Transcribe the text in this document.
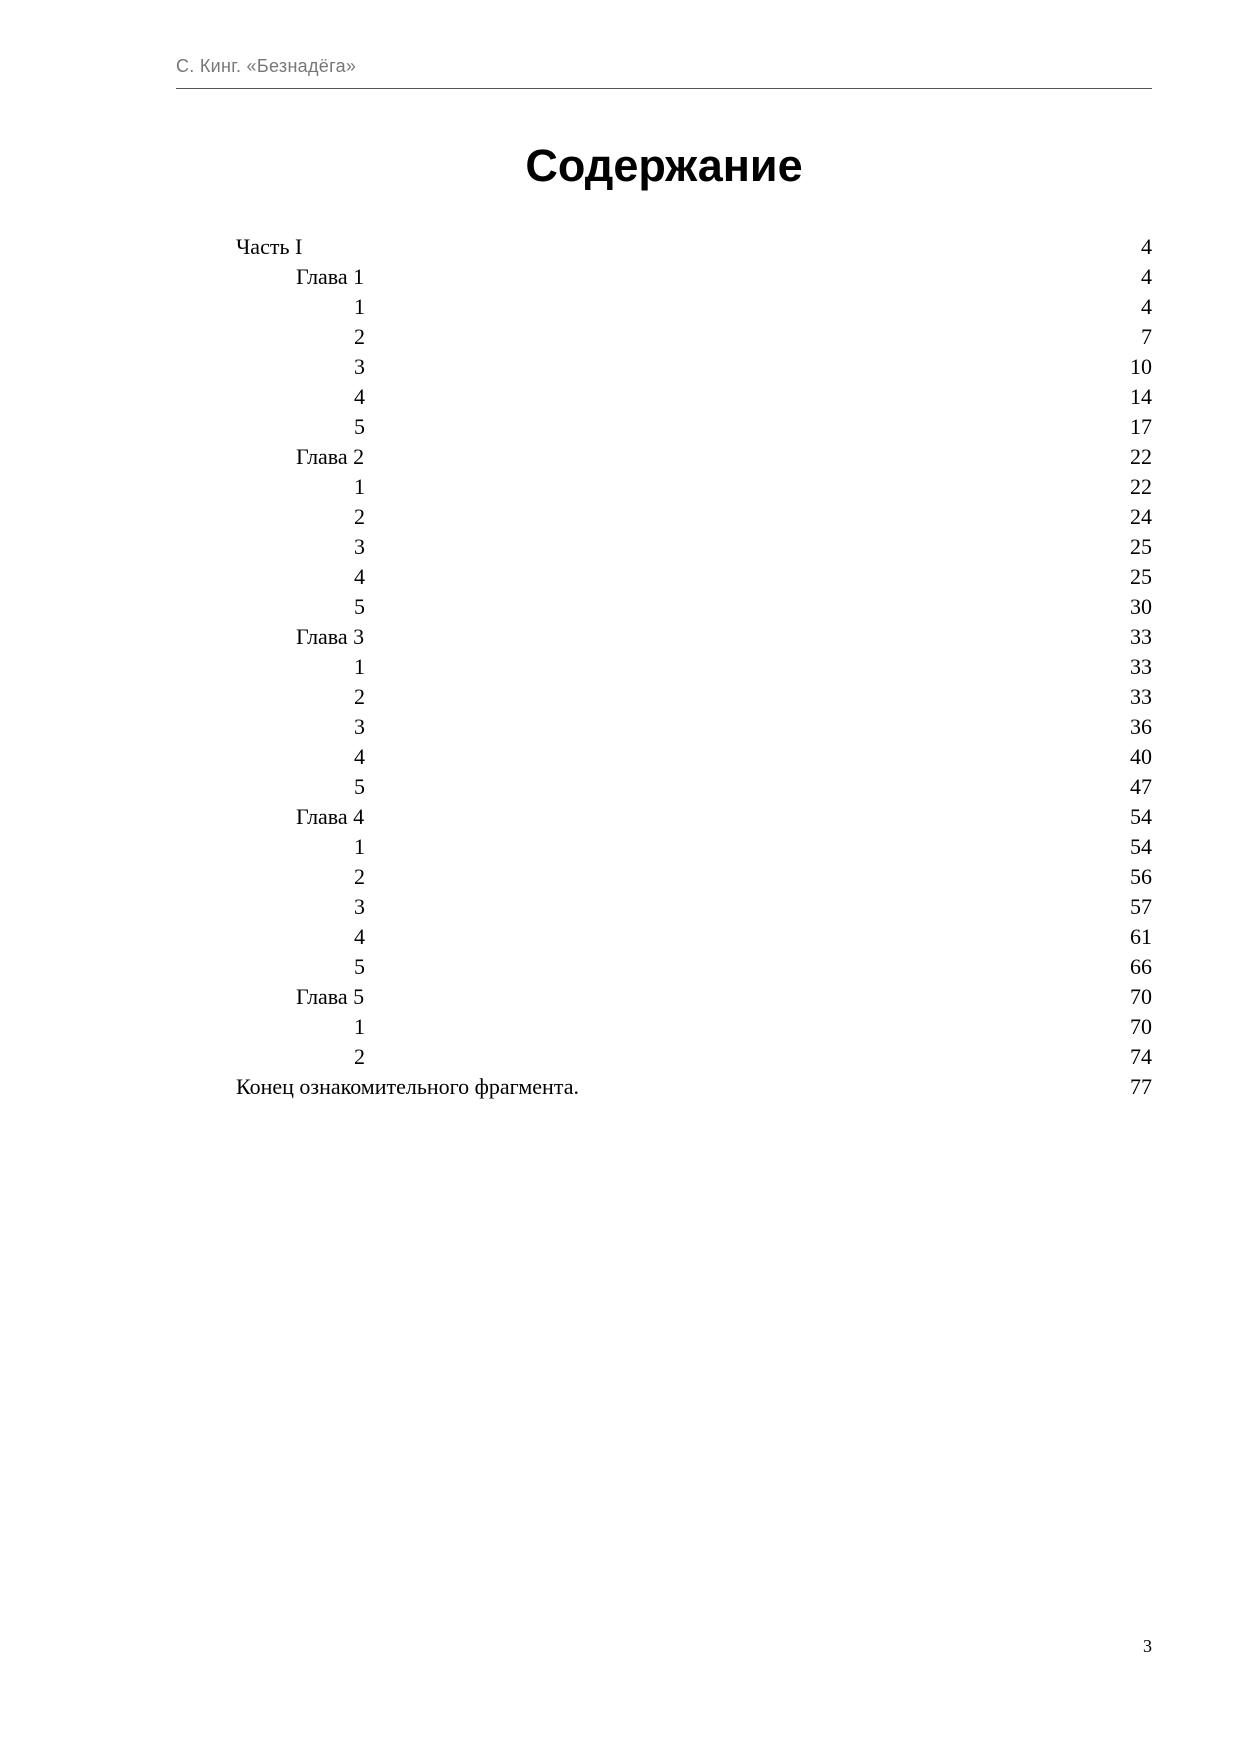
С. Кинг. «Безнадёга»
Содержание
Часть I	4
Глава 1	4
1	4
2	7
3	10
4	14
5	17
Глава 2	22
1	22
2	24
3	25
4	25
5	30
Глава 3	33
1	33
2	33
3	36
4	40
5	47
Глава 4	54
1	54
2	56
3	57
4	61
5	66
Глава 5	70
1	70
2	74
Конец ознакомительного фрагмента.	77
3
